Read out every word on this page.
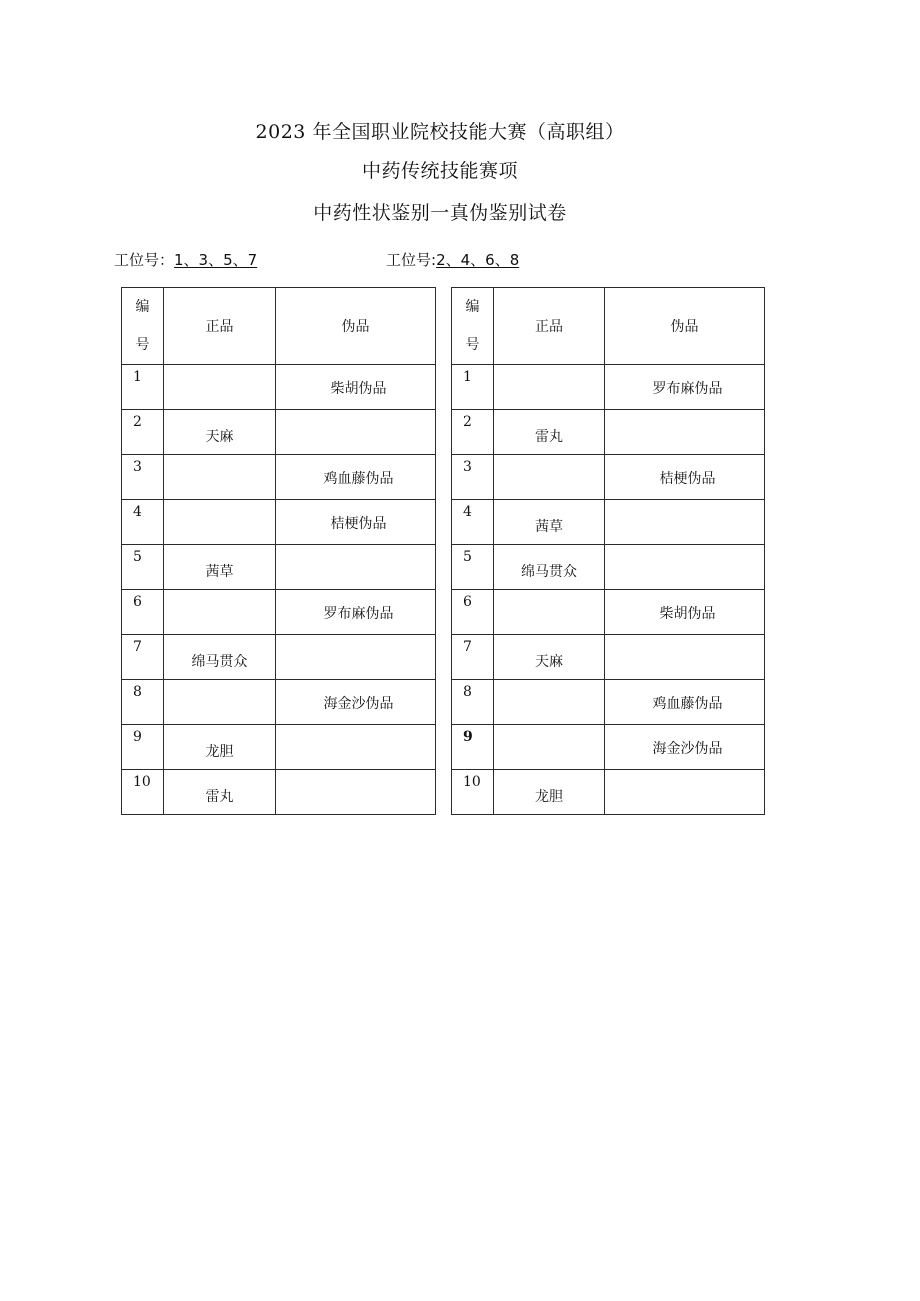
2023 年全国职业院校技能大赛（高职组）
中药传统技能赛项
中药性状鉴别一真伪鉴别试卷
工位号：1、3、5、7	工位号:2、4、6、8
编
号	正品	伪品
1		柴胡伪品
2	天麻	
3		鸡血藤伪品
4		桔梗伪品
5	茜草	
6		罗布麻伪品
7	绵马贯众	
8		海金沙伪品
9	龙胆	
10	雷丸	
编
号	正品	伪品
1		罗布麻伪品
2	雷丸	
3		桔梗伪品
4	茜草	
5	绵马贯众	
6		柴胡伪品
7	天麻	
8		鸡血藤伪品
9		海金沙伪品
10	龙胆	
